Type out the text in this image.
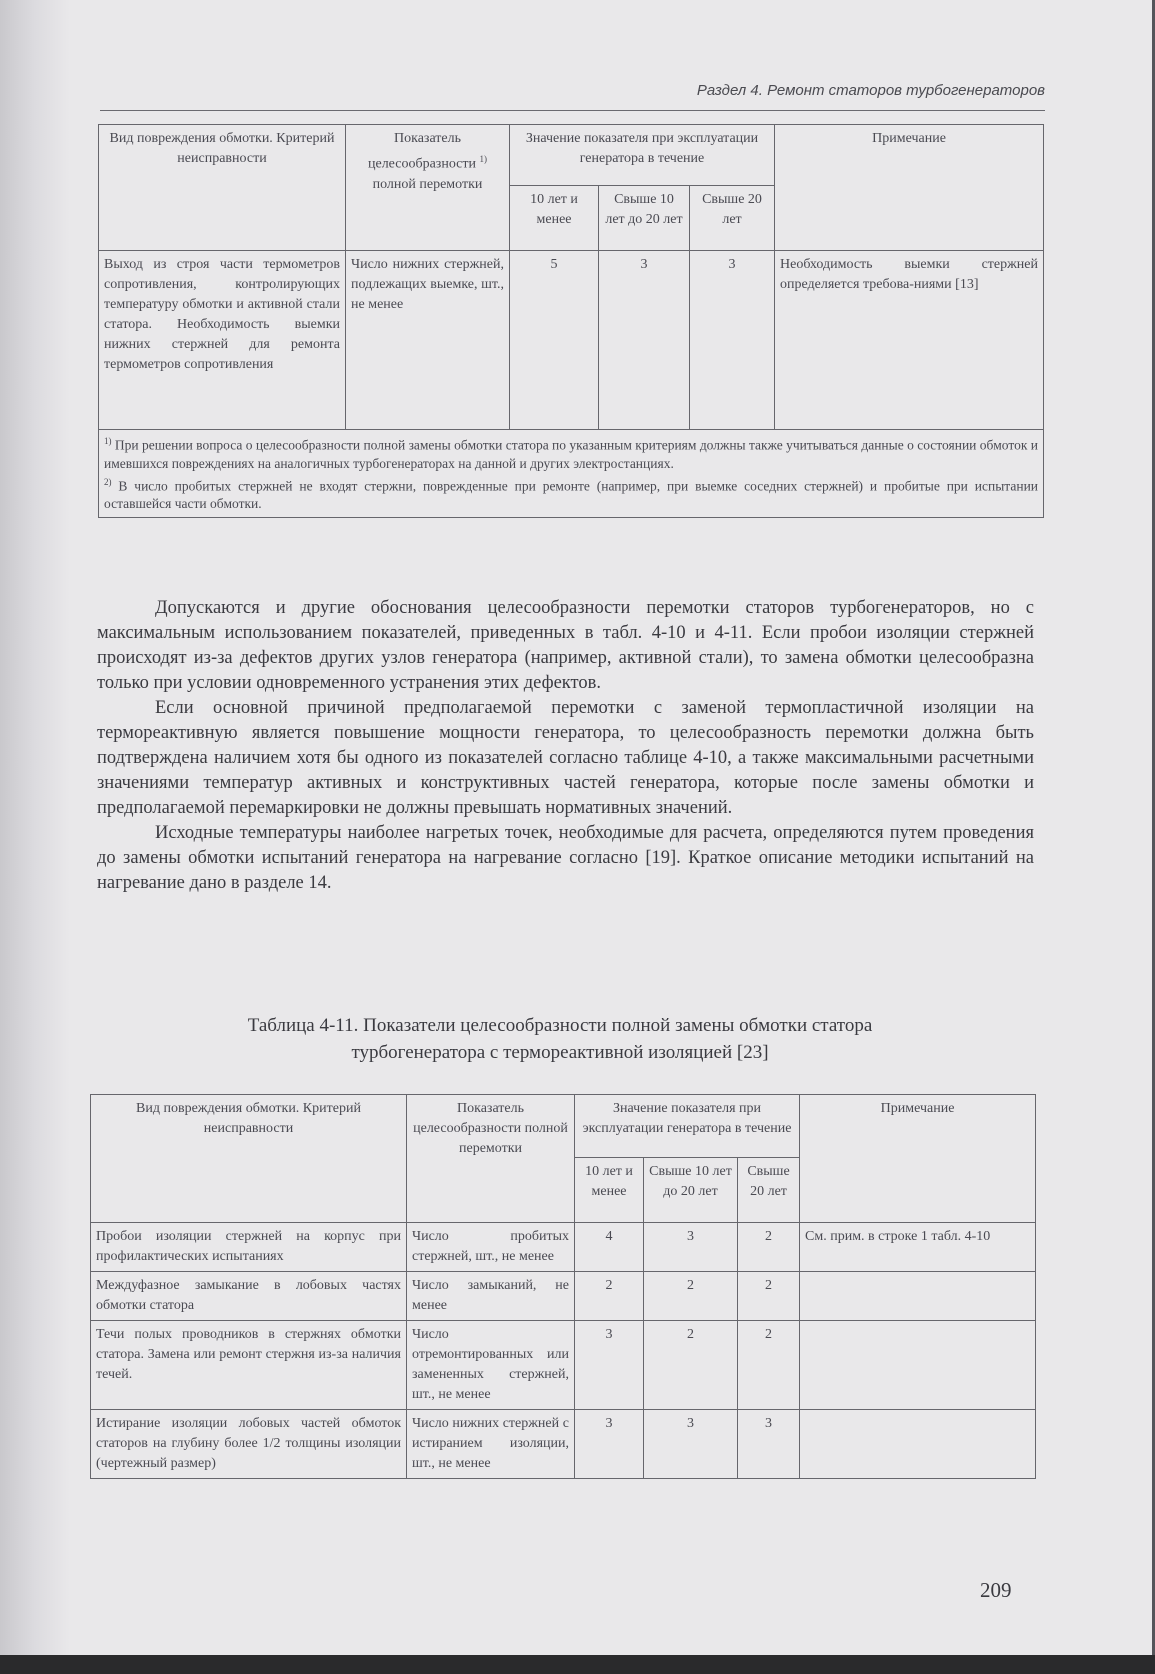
Раздел 4. Ремонт статоров турбогенераторов
Вид повреждения обмотки. Критерий неисправности	Показатель целесообразности $^{1)}$ полной перемотки	Значение показателя при эксплуатации генератора в течение			Примечание
		10 лет и менее	Свыше 10 лет до 20 лет	Свыше 20 лет	
Выход из строя части термометров сопротивления, контролирующих температуру обмотки и активной стали статора. Необходимость выемки нижних стержней для ремонта термометров сопротивления	Число нижних стержней, подлежащих выемке, шт., не менее	5	3	3	Необходимость выемки стержней определяется требова-ниями [13]

$^{1)}$ При решении вопроса о целесообразности полной замены обмотки статора по указанным критериям должны также учитываться данные о состоянии обмоток и имевшихся повреждениях на аналогичных турбогенераторах на данной и других электростанциях.
$^{2)}$ В число пробитых стержней не входят стержни, поврежденные при ремонте (например, при выемке соседних стержней) и пробитые при испытании оставшейся части обмотки.					

Допускаются и другие обоснования целесообразности перемотки статоров турбогенераторов, но с максимальным использованием показателей, приведенных в табл. 4-10 и 4-11. Если пробои изоляции стержней происходят из-за дефектов других узлов генератора (например, активной стали), то замена обмотки целесообразна только при условии одновременного устранения этих дефектов.

Если основной причиной предполагаемой перемотки с заменой термопластичной изоляции на термореактивную является повышение мощности генератора, то целесообразность перемотки должна быть подтверждена наличием хотя бы одного из показателей согласно таблице 4-10, а также максимальными расчетными значениями температур активных и конструктивных частей генератора, которые после замены обмотки и предполагаемой перемаркировки не должны превышать нормативных значений.

Исходные температуры наиболее нагретых точек, необходимые для расчета, определяются путем проведения до замены обмотки испытаний генератора на нагревание согласно [19]. Краткое описание методики испытаний на нагревание дано в разделе 14.

Таблица 4-11. Показатели целесообразности полной замены обмотки статора
турбогенератора с термореактивной изоляцией [23]
Вид повреждения обмотки. Критерий неисправности	Показатель целесообразности полной перемотки	Значение показателя при эксплуатации генератора в течение			Примечание
		10 лет и менее	Свыше 10 лет до 20 лет	Свыше 20 лет	
Пробои изоляции стержней на корпус при профилактических испытаниях	Число пробитых стержней, шт., не менее	4	3	2	См. прим. в строке 1 табл. 4-10
Междуфазное замыкание в лобовых частях обмотки статора	Число замыканий, не менее	2	2	2	
Течи полых проводников в стержнях обмотки статора. Замена или ремонт стержня из-за наличия течей.	Число отремонтированных или замененных стержней, шт., не менее	3	2	2	
Истирание изоляции лобовых частей обмоток статоров на глубину более 1/2 толщины изоляции (чертежный размер)	Число нижних стержней с истиранием изоляции, шт., не менее	3	3	3	
209
